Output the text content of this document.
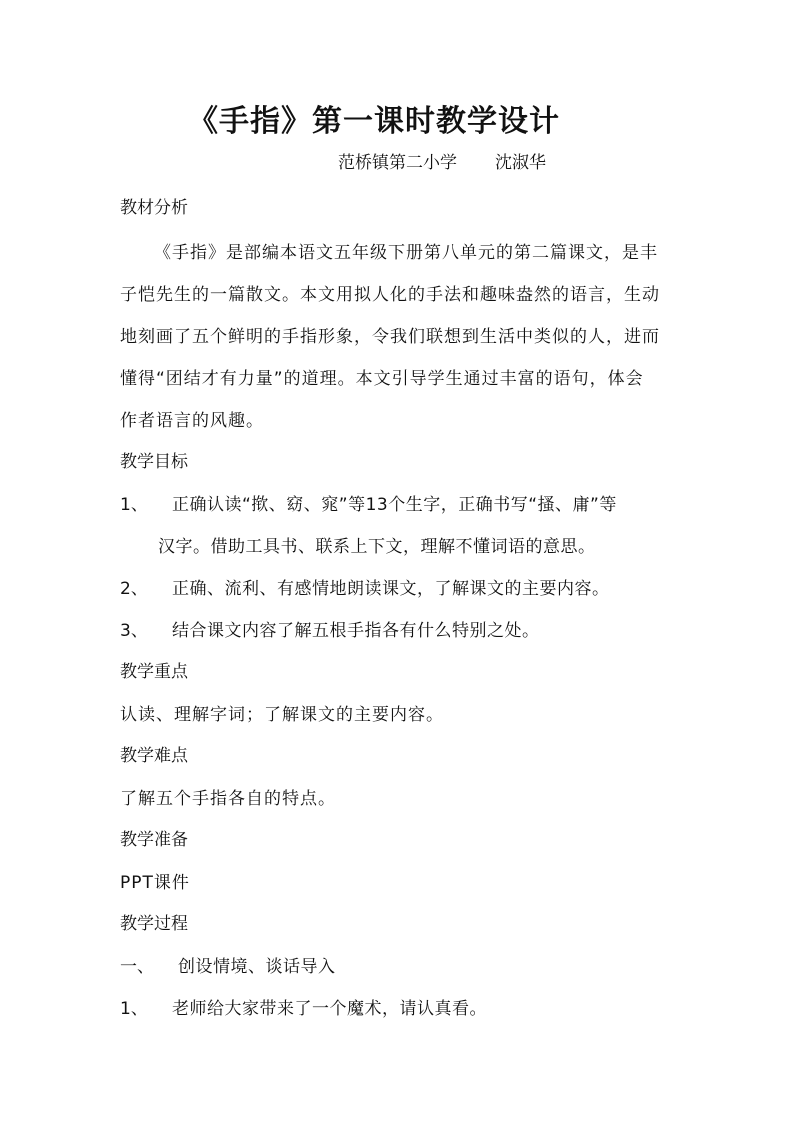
《手指》第一课时教学设计
范桥镇第二小学 沈淑华
教材分析
《手指》是部编本语文五年级下册第八单元的第二篇课文，是丰
子恺先生的一篇散文。本文用拟人化的手法和趣味盎然的语言，生动
地刻画了五个鲜明的手指形象，令我们联想到生活中类似的人，进而
懂得“团结才有力量”的道理。本文引导学生通过丰富的语句，体会
作者语言的风趣。
教学目标
1、 正确认读“揿、窈、窕”等13个生字，正确书写“搔、庸”等
汉字。借助工具书、联系上下文，理解不懂词语的意思。
2、 正确、流利、有感情地朗读课文，了解课文的主要内容。
3、 结合课文内容了解五根手指各有什么特别之处。
教学重点
认读、理解字词；了解课文的主要内容。
教学难点
了解五个手指各自的特点。
教学准备
PPT课件
教学过程
一、 创设情境、谈话导入
1、 老师给大家带来了一个魔术，请认真看。
